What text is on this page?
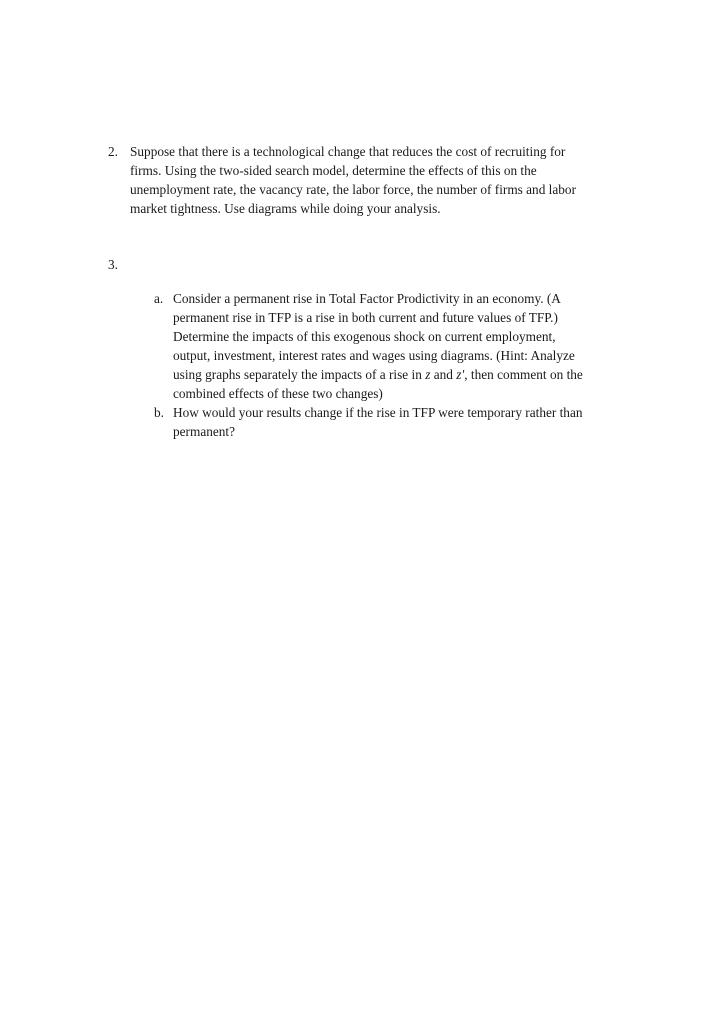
2. Suppose that there is a technological change that reduces the cost of recruiting for
firms. Using the two-sided search model, determine the effects of this on the
unemployment rate, the vacancy rate, the labor force, the number of firms and labor
market tightness. Use diagrams while doing your analysis.

3.
a. Consider a permanent rise in Total Factor Prodictivity in an economy. (A
permanent rise in TFP is a rise in both current and future values of TFP.)
Determine the impacts of this exogenous shock on current employment,
output, investment, interest rates and wages using diagrams. (Hint: Analyze
using graphs separately the impacts of a rise in z and z', then comment on the
combined effects of these two changes)

b. How would your results change if the rise in TFP were temporary rather than
permanent?
